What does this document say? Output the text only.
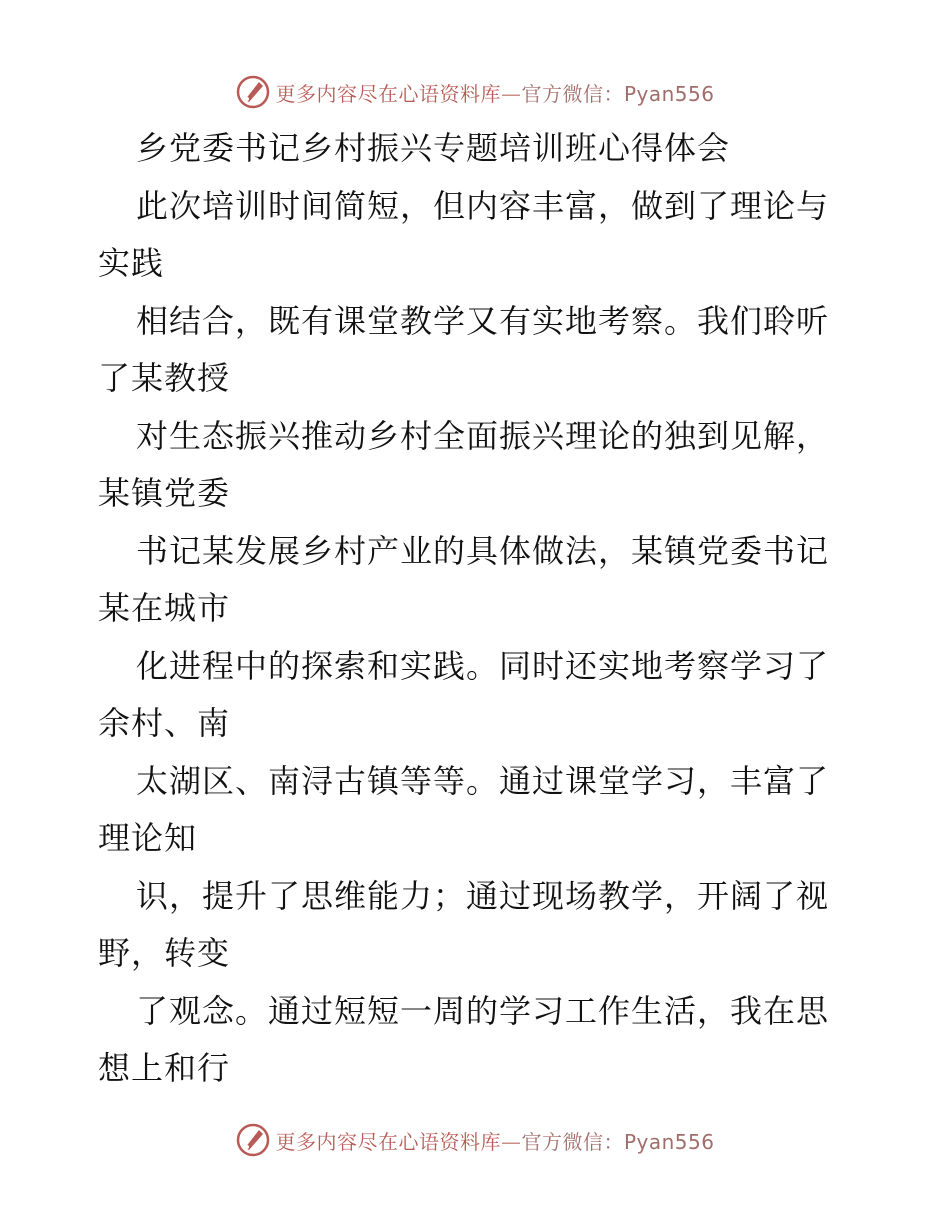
更多内容尽在心语资料库—官方微信：Pyan556
乡党委书记乡村振兴专题培训班心得体会
此次培训时间简短，但内容丰富，做到了理论与
实践
相结合，既有课堂教学又有实地考察。我们聆听
了某教授
对生态振兴推动乡村全面振兴理论的独到见解，
某镇党委
书记某发展乡村产业的具体做法，某镇党委书记
某在城市
化进程中的探索和实践。同时还实地考察学习了
余村、南
太湖区、南浔古镇等等。通过课堂学习，丰富了
理论知
识，提升了思维能力；通过现场教学，开阔了视
野，转变
了观念。通过短短一周的学习工作生活，我在思
想上和行
更多内容尽在心语资料库—官方微信：Pyan556
